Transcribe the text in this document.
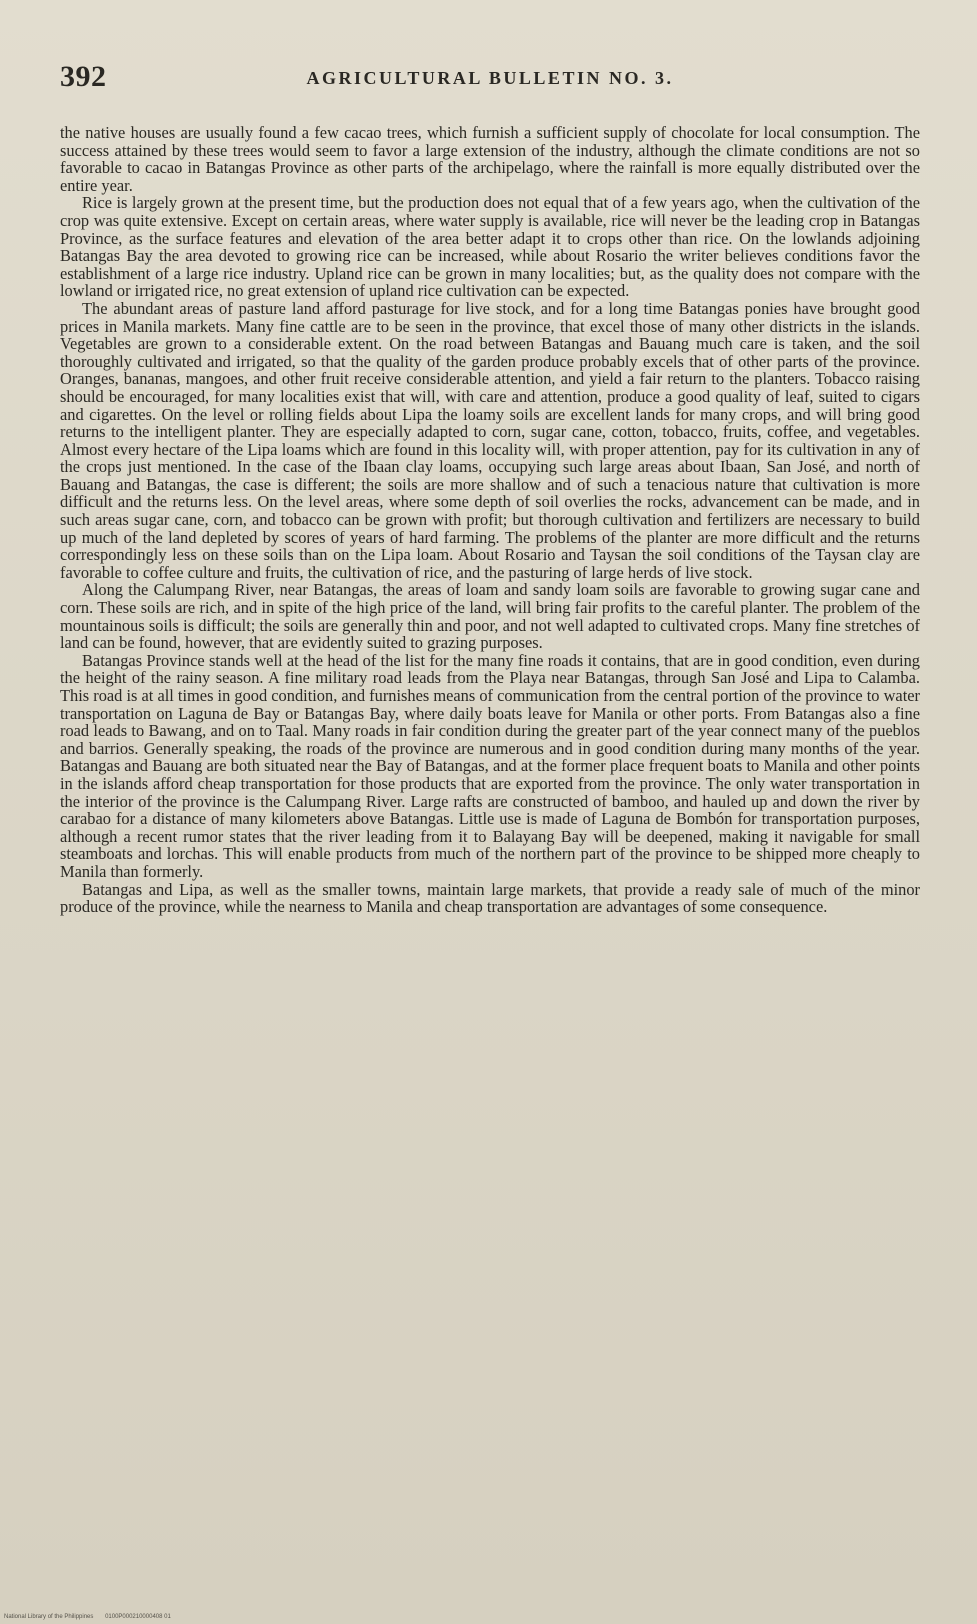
392	AGRICULTURAL BULLETIN NO. 3.

the native houses are usually found a few cacao trees, which furnish a sufficient supply of chocolate for local consumption. The success attained by these trees would seem to favor a large extension of the industry, although the climate conditions are not so favorable to cacao in Batangas Province as other parts of the archipelago, where the rainfall is more equally distributed over the entire year.

Rice is largely grown at the present time, but the production does not equal that of a few years ago, when the cultivation of the crop was quite extensive. Except on certain areas, where water supply is available, rice will never be the leading crop in Batangas Province, as the surface features and elevation of the area better adapt it to crops other than rice. On the lowlands adjoining Batangas Bay the area devoted to growing rice can be increased, while about Rosario the writer believes conditions favor the establishment of a large rice industry. Upland rice can be grown in many localities; but, as the quality does not compare with the lowland or irrigated rice, no great extension of upland rice cultivation can be expected.

The abundant areas of pasture land afford pasturage for live stock, and for a long time Batangas ponies have brought good prices in Manila markets. Many fine cattle are to be seen in the province, that excel those of many other districts in the islands. Vegetables are grown to a considerable extent. On the road between Batangas and Bauang much care is taken, and the soil thoroughly cultivated and irrigated, so that the quality of the garden produce probably excels that of other parts of the province. Oranges, bananas, mangoes, and other fruit receive considerable attention, and yield a fair return to the planters. Tobacco raising should be encouraged, for many localities exist that will, with care and attention, produce a good quality of leaf, suited to cigars and cigarettes. On the level or rolling fields about Lipa the loamy soils are excellent lands for many crops, and will bring good returns to the intelligent planter. They are especially adapted to corn, sugar cane, cotton, tobacco, fruits, coffee, and vegetables. Almost every hectare of the Lipa loams which are found in this locality will, with proper attention, pay for its cultivation in any of the crops just mentioned. In the case of the Ibaan clay loams, occupying such large areas about Ibaan, San José, and north of Bauang and Batangas, the case is different; the soils are more shallow and of such a tenacious nature that cultivation is more difficult and the returns less. On the level areas, where some depth of soil overlies the rocks, advancement can be made, and in such areas sugar cane, corn, and tobacco can be grown with profit; but thorough cultivation and fertilizers are necessary to build up much of the land depleted by scores of years of hard farming. The problems of the planter are more difficult and the returns correspondingly less on these soils than on the Lipa loam. About Rosario and Taysan the soil conditions of the Taysan clay are favorable to coffee culture and fruits, the cultivation of rice, and the pasturing of large herds of live stock.

Along the Calumpang River, near Batangas, the areas of loam and sandy loam soils are favorable to growing sugar cane and corn. These soils are rich, and in spite of the high price of the land, will bring fair profits to the careful planter. The problem of the mountainous soils is difficult; the soils are generally thin and poor, and not well adapted to cultivated crops. Many fine stretches of land can be found, however, that are evidently suited to grazing purposes.

Batangas Province stands well at the head of the list for the many fine roads it contains, that are in good condition, even during the height of the rainy season. A fine military road leads from the Playa near Batangas, through San José and Lipa to Calamba. This road is at all times in good condition, and furnishes means of communication from the central portion of the province to water transportation on Laguna de Bay or Batangas Bay, where daily boats leave for Manila or other ports. From Batangas also a fine road leads to Bawang, and on to Taal. Many roads in fair condition during the greater part of the year connect many of the pueblos and barrios. Generally speaking, the roads of the province are numerous and in good condition during many months of the year. Batangas and Bauang are both situated near the Bay of Batangas, and at the former place frequent boats to Manila and other points in the islands afford cheap transportation for those products that are exported from the province. The only water transportation in the interior of the province is the Calumpang River. Large rafts are constructed of bamboo, and hauled up and down the river by carabao for a distance of many kilometers above Batangas. Little use is made of Laguna de Bombón for transportation purposes, although a recent rumor states that the river leading from it to Balayang Bay will be deepened, making it navigable for small steamboats and lorchas. This will enable products from much of the northern part of the province to be shipped more cheaply to Manila than formerly.

Batangas and Lipa, as well as the smaller towns, maintain large markets, that provide a ready sale of much of the minor produce of the province, while the nearness to Manila and cheap transportation are advantages of some consequence.

National Library of the Philippines 0100P000210000408 01
